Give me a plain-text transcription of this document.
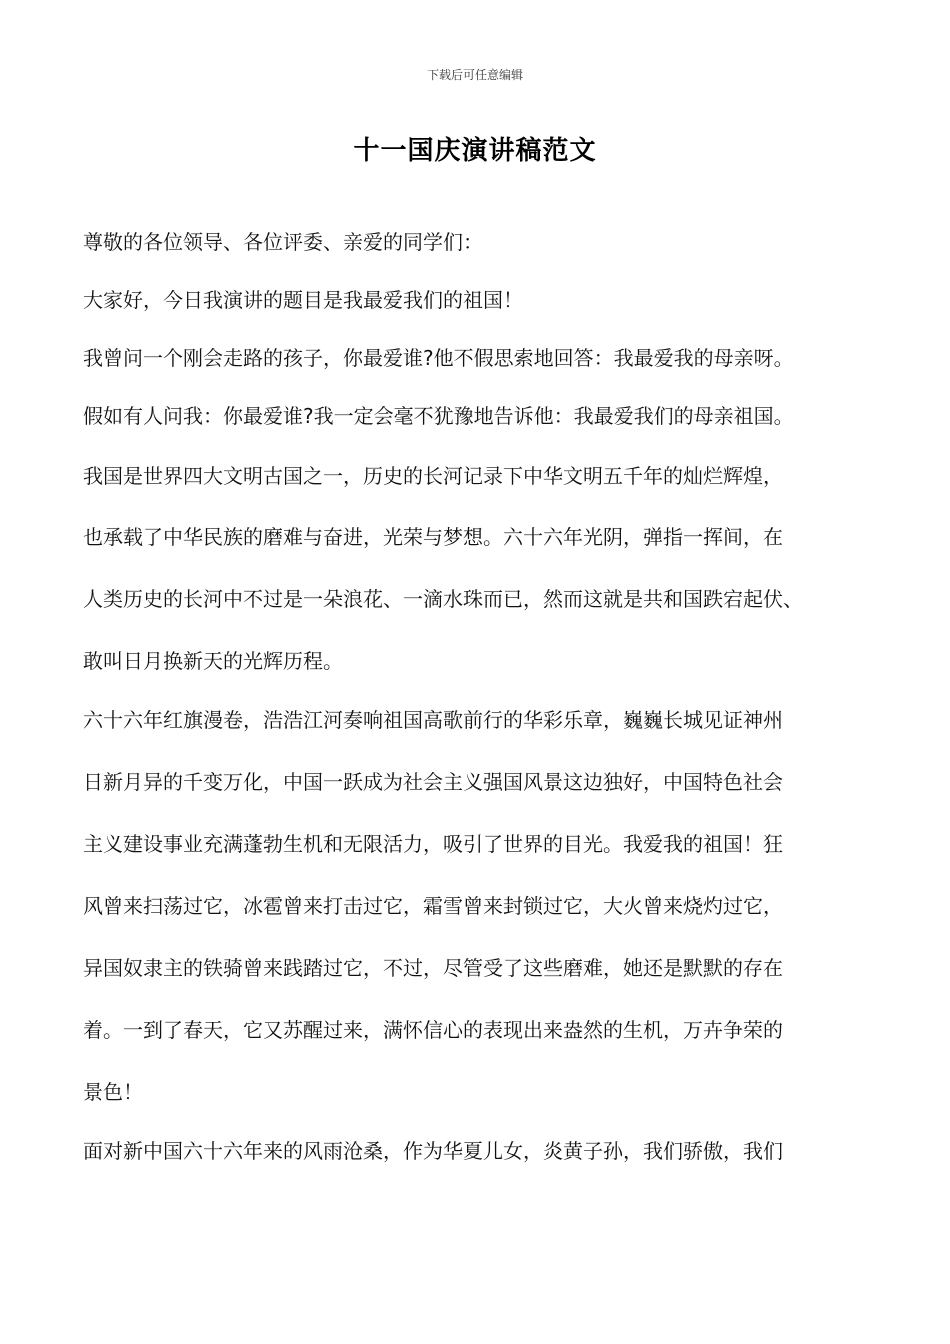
下载后可任意编辑
十一国庆演讲稿范文
尊敬的各位领导、各位评委、亲爱的同学们：
大家好，今日我演讲的题目是我最爱我们的祖国！
我曾问一个刚会走路的孩子，你最爱谁?他不假思索地回答：我最爱我的母亲呀。
假如有人问我：你最爱谁?我一定会毫不犹豫地告诉他：我最爱我们的母亲祖国。
我国是世界四大文明古国之一，历史的长河记录下中华文明五千年的灿烂辉煌，
也承载了中华民族的磨难与奋进，光荣与梦想。六十六年光阴，弹指一挥间，在
人类历史的长河中不过是一朵浪花、一滴水珠而已，然而这就是共和国跌宕起伏、
敢叫日月换新天的光辉历程。
六十六年红旗漫卷，浩浩江河奏响祖国高歌前行的华彩乐章，巍巍长城见证神州
日新月异的千变万化，中国一跃成为社会主义强国风景这边独好，中国特色社会
主义建设事业充满蓬勃生机和无限活力，吸引了世界的目光。我爱我的祖国！狂
风曾来扫荡过它，冰雹曾来打击过它，霜雪曾来封锁过它，大火曾来烧灼过它，
异国奴隶主的铁骑曾来践踏过它，不过，尽管受了这些磨难，她还是默默的存在
着。一到了春天，它又苏醒过来，满怀信心的表现出来盎然的生机，万卉争荣的
景色！
面对新中国六十六年来的风雨沧桑，作为华夏儿女，炎黄子孙，我们骄傲，我们
